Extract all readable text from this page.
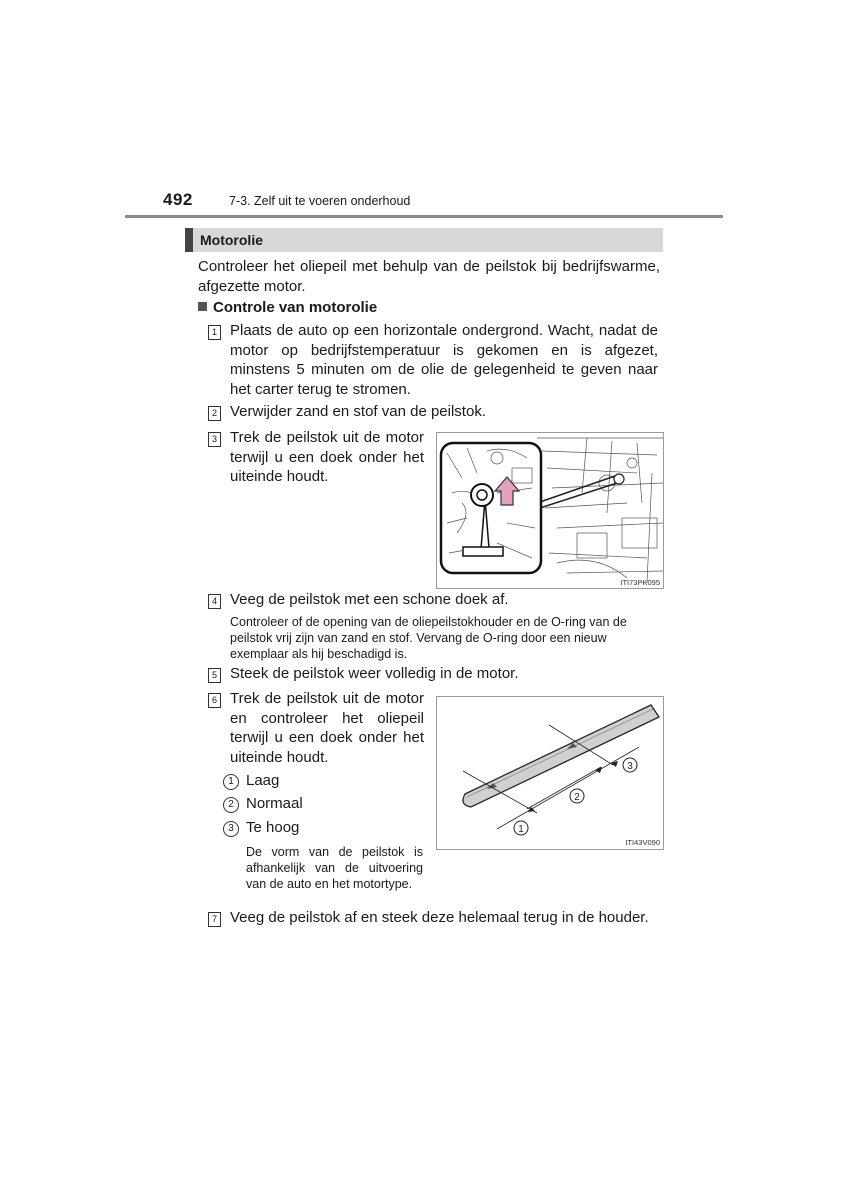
492	7-3. Zelf uit te voeren onderhoud
Motorolie
Controleer het oliepeil met behulp van de peilstok bij bedrijfswarme, afgezette motor.
Controle van motorolie
1 Plaats de auto op een horizontale ondergrond. Wacht, nadat de motor op bedrijfstemperatuur is gekomen en is afgezet, minstens 5 minuten om de olie de gelegenheid te geven naar het carter terug te stromen.
2 Verwijder zand en stof van de peilstok.
3 Trek de peilstok uit de motor terwijl u een doek onder het uiteinde houdt.
ITI73PK095
4 Veeg de peilstok met een schone doek af.
Controleer of de opening van de oliepeilstokhouder en de O-ring van de peilstok vrij zijn van zand en stof. Vervang de O-ring door een nieuw exemplaar als hij beschadigd is.
5 Steek de peilstok weer volledig in de motor.
6 Trek de peilstok uit de motor en controleer het oliepeil terwijl u een doek onder het uiteinde houdt.
1 Laag
2 Normaal
3 Te hoog
De vorm van de peilstok is afhankelijk van de uitvoering van de auto en het motortype.
1
2
3
ITI43V090
7 Veeg de peilstok af en steek deze helemaal terug in de houder.
